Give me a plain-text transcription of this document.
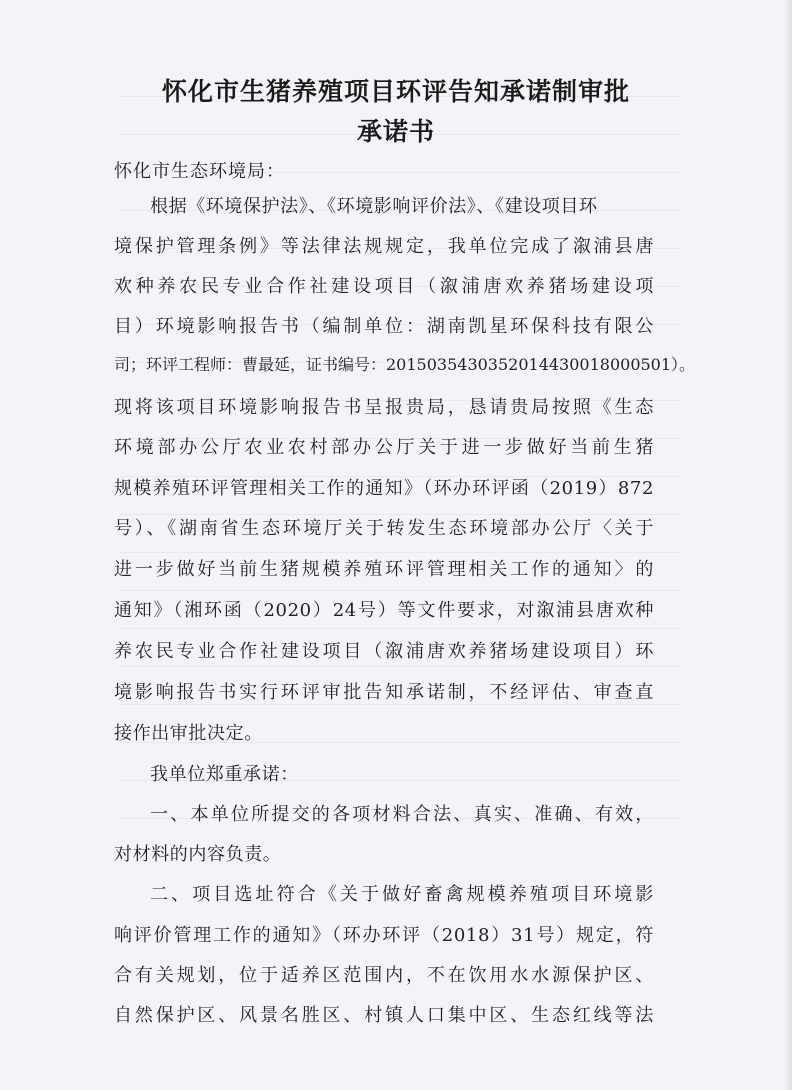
怀化市生猪养殖项目环评告知承诺制审批
承诺书
怀化市生态环境局：
根据《环境保护法》、《环境影响评价法》、《建设项目环
境保护管理条例》等法律法规规定，我单位完成了溆浦县唐
欢种养农民专业合作社建设项目（溆浦唐欢养猪场建设项
目）环境影响报告书（编制单位：湖南凯星环保科技有限公
司；环评工程师：曹最延，证书编号：2015035430352014430018000501）。
现将该项目环境影响报告书呈报贵局，恳请贵局按照《生态
环境部办公厅农业农村部办公厅关于进一步做好当前生猪
规模养殖环评管理相关工作的通知》（环办环评函（2019）872
号）、《湖南省生态环境厅关于转发生态环境部办公厅〈关于
进一步做好当前生猪规模养殖环评管理相关工作的通知〉的
通知》（湘环函（2020）24号）等文件要求，对溆浦县唐欢种
养农民专业合作社建设项目（溆浦唐欢养猪场建设项目）环
境影响报告书实行环评审批告知承诺制，不经评估、审查直
接作出审批决定。
我单位郑重承诺：
一、本单位所提交的各项材料合法、真实、准确、有效，
对材料的内容负责。
二、项目选址符合《关于做好畜禽规模养殖项目环境影
响评价管理工作的通知》（环办环评（2018）31号）规定，符
合有关规划，位于适养区范围内，不在饮用水水源保护区、
自然保护区、风景名胜区、村镇人口集中区、生态红线等法
